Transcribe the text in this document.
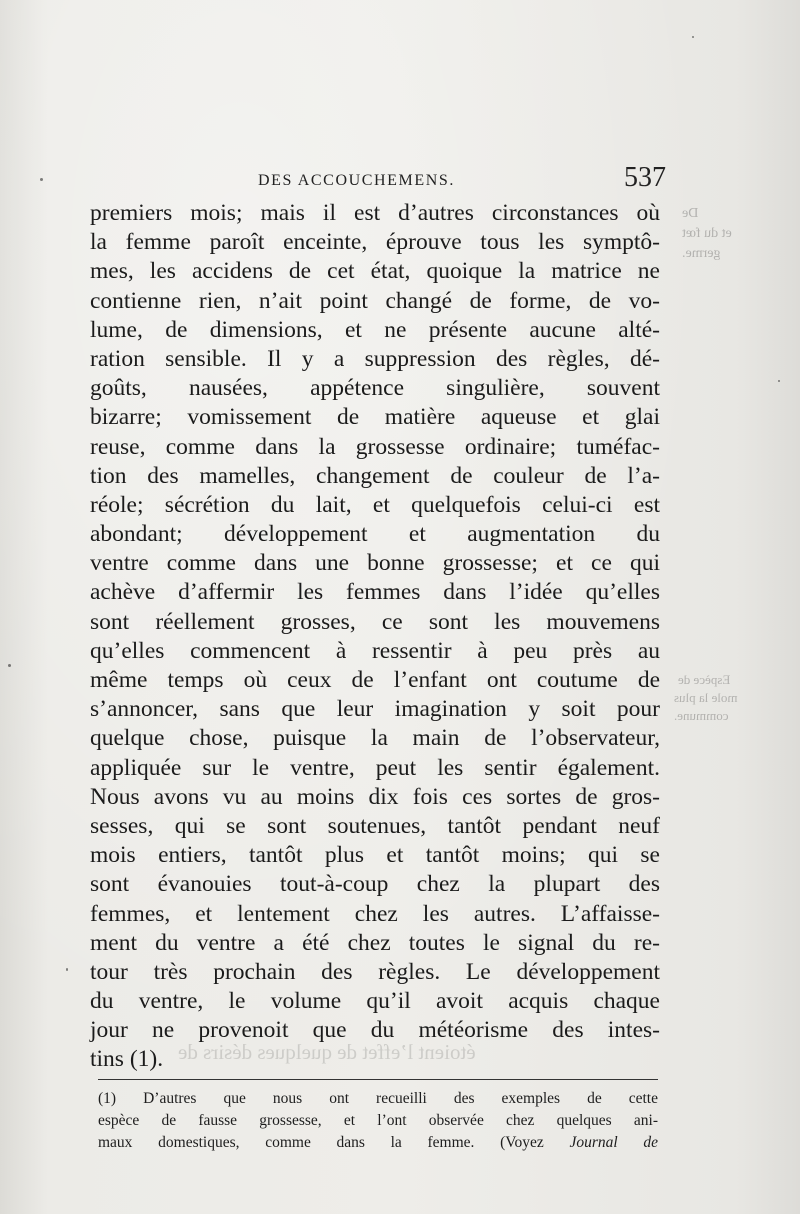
De
et du fœt
germe.
Espèce de
mole la plus
commune.
étoient l’effet de quelques désirs de
DES ACCOUCHEMENS.	537
premiers mois; mais il est d’autres circonstances où
la femme paroît enceinte, éprouve tous les symptô-
mes, les accidens de cet état, quoique la matrice ne
contienne rien, n’ait point changé de forme, de vo-
lume, de dimensions, et ne présente aucune alté-
ration sensible. Il y a suppression des règles, dé-
goûts, nausées, appétence singulière, souvent
bizarre; vomissement de matière aqueuse et glai
reuse, comme dans la grossesse ordinaire; tuméfac-
tion des mamelles, changement de couleur de l’a-
réole; sécrétion du lait, et quelquefois celui-ci est
abondant; développement et augmentation du
ventre comme dans une bonne grossesse; et ce qui
achève d’affermir les femmes dans l’idée qu’elles
sont réellement grosses, ce sont les mouvemens
qu’elles commencent à ressentir à peu près au
même temps où ceux de l’enfant ont coutume de
s’annoncer, sans que leur imagination y soit pour
quelque chose, puisque la main de l’observateur,
appliquée sur le ventre, peut les sentir également.
Nous avons vu au moins dix fois ces sortes de gros-
sesses, qui se sont soutenues, tantôt pendant neuf
mois entiers, tantôt plus et tantôt moins; qui se
sont évanouies tout-à-coup chez la plupart des
femmes, et lentement chez les autres. L’affaisse-
ment du ventre a été chez toutes le signal du re-
tour très prochain des règles. Le développement
du ventre, le volume qu’il avoit acquis chaque
jour ne provenoit que du météorisme des intes-
tins (1).
(1) D’autres que nous ont recueilli des exemples de cette
espèce de fausse grossesse, et l’ont observée chez quelques ani-
maux domestiques, comme dans la femme. (Voyez Journal de
